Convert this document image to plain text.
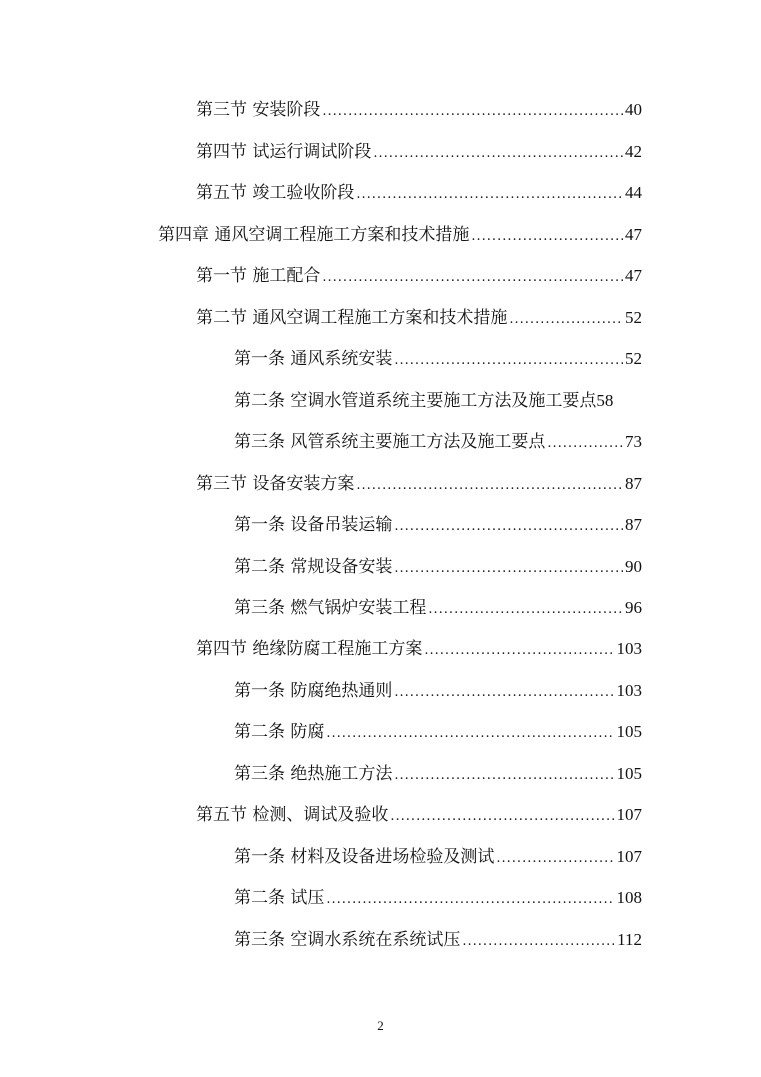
第三节 安装阶段 .....	40
第四节 试运行调试阶段 .....	42
第五节 竣工验收阶段 .....	44
第四章 通风空调工程施工方案和技术措施 .....	47
第一节 施工配合 .....	47
第二节 通风空调工程施工方案和技术措施 .....	52
第一条 通风系统安装 .....	52
第二条 空调水管道系统主要施工方法及施工要点 58
第三条 风管系统主要施工方法及施工要点 .....	73
第三节 设备安装方案 .....	87
第一条 设备吊装运输 .....	87
第二条 常规设备安装 .....	90
第三条 燃气锅炉安装工程 .....	96
第四节 绝缘防腐工程施工方案 .....	103
第一条 防腐绝热通则 .....	103
第二条 防腐 .....	105
第三条 绝热施工方法 .....	105
第五节 检测、调试及验收 .....	107
第一条 材料及设备进场检验及测试 .....	107
第二条 试压 .....	108
第三条 空调水系统在系统试压 .....	112
2
